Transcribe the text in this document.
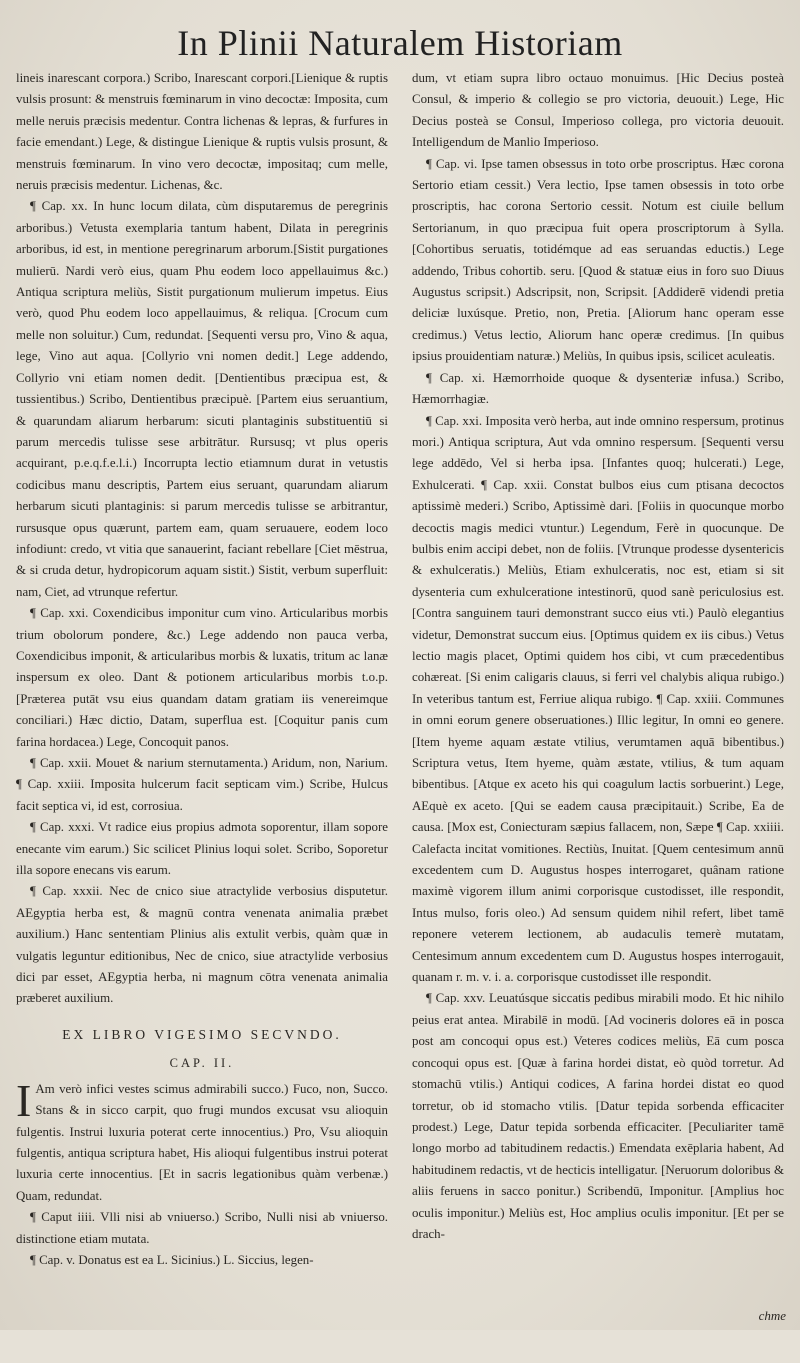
In Plinii Naturalem Historiam

lineis inarescant corpora.) Scribo, Inarescant corpori.[Lienique & ruptis vulsis prosunt: & menstruis fœminarum in vino decoctæ: Imposita, cum melle neruis præcisis medentur. Contra lichenas & lepras, & furfures in facie emendant.) Lege, & distingue Lienique & ruptis vulsis prosunt, & menstruis fœminarum. In vino vero decoctæ, impositaq; cum melle, neruis præcisis medentur. Lichenas, &c.

¶ Cap. xx. In hunc locum dilata, cùm disputaremus de peregrinis arboribus.) Vetusta exemplaria tantum habent, Dilata in peregrinis arboribus, id est, in mentione peregrinarum arborum.[Sistit purgationes mulierū. Nardi verò eius, quam Phu eodem loco appellauimus &c.) Antiqua scriptura meliùs, Sistit purgationum mulierum impetus. Eius verò, quod Phu eodem loco appellauimus, & reliqua. [Crocum cum melle non soluitur.) Cum, redundat. [Sequenti versu pro, Vino & aqua, lege, Vino aut aqua. [Collyrio vni nomen dedit.] Lege addendo, Collyrio vni etiam nomen dedit. [Dentientibus præcipua est, & tussientibus.) Scribo, Dentientibus præcipuè. [Partem eius seruantium, & quarundam aliarum herbarum: sicuti plantaginis substituentiū si parum mercedis tulisse sese arbitrātur. Rursusq; vt plus operis acquirant, p.e.q.f.e.l.i.) Incorrupta lectio etiamnum durat in vetustis codicibus manu descriptis, Partem eius seruant, quarundam aliarum herbarum sicuti plantaginis: si parum mercedis tulisse se arbitrantur, rursusque opus quærunt, partem eam, quam seruauere, eodem loco infodiunt: credo, vt vitia que sanauerint, faciant rebellare [Ciet mēstrua, & si cruda detur, hydropicorum aquam sistit.) Sistit, verbum superfluit: nam, Ciet, ad vtrunque refertur.

¶ Cap. xxi. Coxendicibus imponitur cum vino. Articularibus morbis trium obolorum pondere, &c.) Lege addendo non pauca verba, Coxendicibus imponit, & articularibus morbis & luxatis, tritum ac lanæ inspersum ex oleo. Dant & potionem articularibus morbis t.o.p.[Præterea putāt vsu eius quandam datam gratiam iis venereimque conciliari.) Hæc dictio, Datam, superflua est. [Coquitur panis cum farina hordacea.) Lege, Concoquit panos.

¶ Cap. xxii. Mouet & narium sternutamenta.) Aridum, non, Narium. ¶ Cap. xxiii. Imposita hulcerum facit septicam vim.) Scribe, Hulcus facit septica vi, id est, corrosiua.

¶ Cap. xxxi. Vt radice eius propius admota soporentur, illam sopore enecante vim earum.) Sic scilicet Plinius loqui solet. Scribo, Soporetur illa sopore enecans vis earum.

¶ Cap. xxxii. Nec de cnico siue atractylide verbosius disputetur. AEgyptia herba est, & magnū contra venenata animalia præbet auxilium.) Hanc sententiam Plinius alis extulit verbis, quàm quæ in vulgatis leguntur editionibus, Nec de cnico, siue atractylide verbosius dici par esset, AEgyptia herba, ni magnum cōtra venenata animalia præberet auxilium.

EX LIBRO VIGESIMO SECVNDO.
CAP. II.

I Am verò infici vestes scimus admirabili succo.) Fuco, non, Succo. Stans & in sicco carpit, quo frugi mundos excusat vsu alioquin fulgentis. Instrui luxuria poterat certe innocentius.) Pro, Vsu alioquin fulgentis, antiqua scriptura habet, His alioqui fulgentibus instrui poterat luxuria certe innocentius. [Et in sacris legationibus quàm verbenæ.) Quam, redundat.

¶ Caput iiii. Vlli nisi ab vniuerso.) Scribo, Nulli nisi ab vniuerso. distinctione etiam mutata.

¶ Cap. v. Donatus est ea L. Sicinius.) L. Siccius, legen-

dum, vt etiam supra libro octauo monuimus. [Hic Decius posteà Consul, & imperio & collegio se pro victoria, deuouit.) Lege, Hic Decius posteà se Consul, Imperioso collega, pro victoria deuouit. Intelligendum de Manlio Imperioso.

¶ Cap. vi. Ipse tamen obsessus in toto orbe proscriptus. Hæc corona Sertorio etiam cessit.) Vera lectio, Ipse tamen obsessis in toto orbe proscriptis, hac corona Sertorio cessit. Notum est ciuile bellum Sertorianum, in quo præcipua fuit opera proscriptorum à Sylla. [Cohortibus seruatis, totidémque ad eas seruandas eductis.) Lege addendo, Tribus cohortib. seru. [Quod & statuæ eius in foro suo Diuus Augustus scripsit.) Adscripsit, non, Scripsit. [Addiderē videndi pretia deliciæ luxúsque. Pretio, non, Pretia. [Aliorum hanc operam esse credimus.) Vetus lectio, Aliorum hanc operæ credimus. [In quibus ipsius prouidentiam naturæ.) Meliùs, In quibus ipsis, scilicet aculeatis.

¶ Cap. xi. Hæmorrhoide quoque & dysenteriæ infusa.) Scribo, Hæmorrhagiæ.

¶ Cap. xxi. Imposita verò herba, aut inde omnino respersum, protinus mori.) Antiqua scriptura, Aut vda omnino respersum. [Sequenti versu lege addēdo, Vel si herba ipsa. [Infantes quoq; hulcerati.) Lege, Exhulcerati. ¶ Cap. xxii. Constat bulbos eius cum ptisana decoctos aptissimè mederi.) Scribo, Aptissimè dari. [Foliis in quocunque morbo decoctis magis medici vtuntur.) Legendum, Ferè in quocunque. De bulbis enim accipi debet, non de foliis. [Vtrunque prodesse dysentericis & exhulceratis.) Meliùs, Etiam exhulceratis, noc est, etiam si sit dysenteria cum exhulceratione intestinorū, quod sanè periculosius est. [Contra sanguinem tauri demonstrant succo eius vti.) Paulò elegantius videtur, Demonstrat succum eius. [Optimus quidem ex iis cibus.) Vetus lectio magis placet, Optimi quidem hos cibi, vt cum præcedentibus cohæreat. [Si enim caligaris clauus, si ferri vel chalybis aliqua rubigo.) In veteribus tantum est, Ferriue aliqua rubigo. ¶ Cap. xxiii. Communes in omni eorum genere obseruationes.) Illic legitur, In omni eo genere. [Item hyeme aquam æstate vtilius, verumtamen aquā bibentibus.) Scriptura vetus, Item hyeme, quàm æstate, vtilius, & tum aquam bibentibus. [Atque ex aceto his qui coagulum lactis sorbuerint.) Lege, AEquè ex aceto. [Qui se eadem causa præcipitauit.) Scribe, Ea de causa. [Mox est, Coniecturam sæpius fallacem, non, Sæpe ¶ Cap. xxiiii. Calefacta incitat vomitiones. Rectiùs, Inuitat. [Quem centesimum annū excedentem cum D. Augustus hospes interrogaret, quânam ratione maximè vigorem illum animi corporisque custodisset, ille respondit, Intus mulso, foris oleo.) Ad sensum quidem nihil refert, libet tamē reponere veterem lectionem, ab audaculis temerè mutatam, Centesimum annum excedentem cum D. Augustus hospes interrogauit, quanam r. m. v. i. a. corporisque custodisset ille respondit.

¶ Cap. xxv. Leuatúsque siccatis pedibus mirabili modo. Et hic nihilo peius erat antea. Mirabilē in modū. [Ad vocineris dolores eā in posca post am concoqui opus est.) Veteres codices meliùs, Eā cum posca concoqui opus est. [Quæ à farina hordei distat, eò quòd torretur. Ad stomachū vtilis.) Antiqui codices, A farina hordei distat eo quod torretur, ob id stomacho vtilis. [Datur tepida sorbenda efficaciter prodest.) Lege, Datur tepida sorbenda efficaciter. [Peculiariter tamē longo morbo ad tabitudinem redactis.) Emendata exēplaria habent, Ad habitudinem redactis, vt de hecticis intelligatur. [Neruorum doloribus & aliis feruens in sacco ponitur.) Scribendū, Imponitur. [Amplius hoc oculis imponitur.) Meliùs est, Hoc amplius oculis imponitur. [Et per se drach-

chme
